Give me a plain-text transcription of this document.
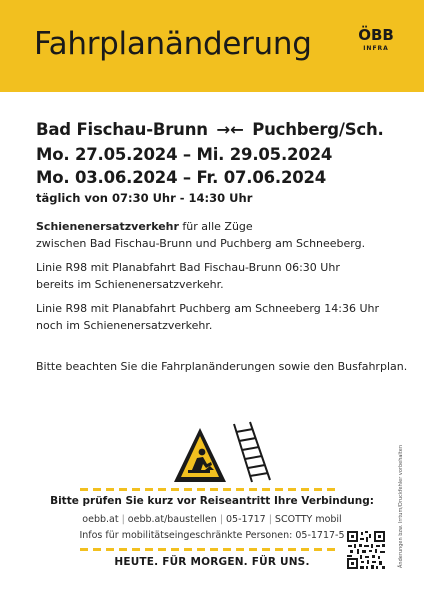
Fahrplanänderung	ÖBB
INFRA
Bad Fischau-Brunn →← Puchberg/Sch.
Mo. 27.05.2024 – Mi. 29.05.2024
Mo. 03.06.2024 – Fr. 07.06.2024
täglich von 07:30 Uhr - 14:30 Uhr
Schienenersatzverkehr für alle Züge
zwischen Bad Fischau-Brunn und Puchberg am Schneeberg.
Linie R98 mit Planabfahrt Bad Fischau-Brunn 06:30 Uhr
bereits im Schienenersatzverkehr.
Linie R98 mit Planabfahrt Puchberg am Schneeberg 14:36 Uhr
noch im Schienenersatzverkehr.
Bitte beachten Sie die Fahrplanänderungen sowie den Busfahrplan.
Bitte prüfen Sie kurz vor Reiseantritt Ihre Verbindung:
oebb.at | oebb.at/baustellen | 05-1717 | SCOTTY mobil
Infos für mobilitätseingeschränkte Personen: 05-1717-5
HEUTE. FÜR MORGEN. FÜR UNS.	Änderungen bzw. Irrtum/Druckfehler vorbehalten
